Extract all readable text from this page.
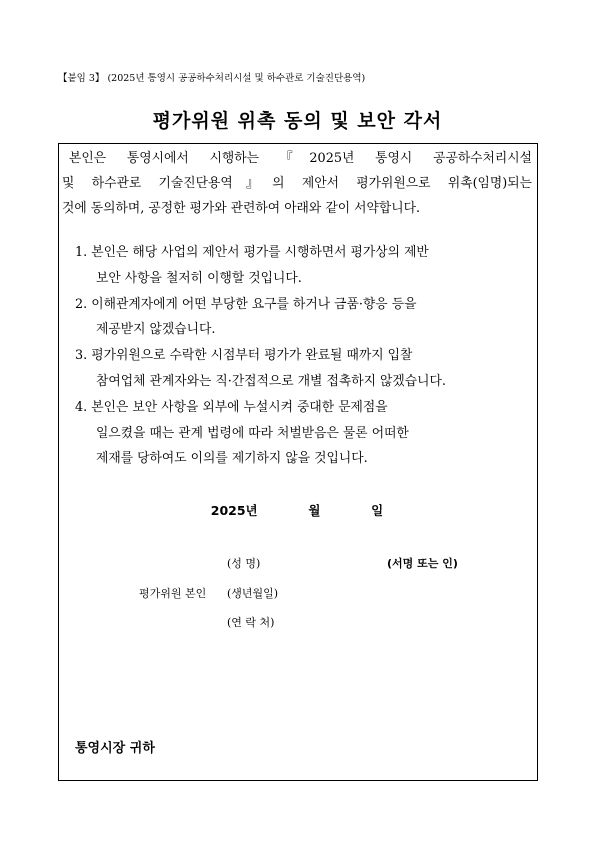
【붙임 3】 (2025년 통영시 공공하수처리시설 및 하수관로 기술진단용역)
평가위원 위촉 동의 및 보안 각서
본인은 통영시에서 시행하는 『2025년 통영시 공공하수처리시설
및 하수관로 기술진단용역』의 제안서 평가위원으로 위촉(임명)되는
것에 동의하며, 공정한 평가와 관련하여 아래와 같이 서약합니다.
1. 본인은 해당 사업의 제안서 평가를 시행하면서 평가상의 제반
보안 사항을 철저히 이행할 것입니다.
2. 이해관계자에게 어떤 부당한 요구를 하거나 금품·향응 등을
제공받지 않겠습니다.
3. 평가위원으로 수락한 시점부터 평가가 완료될 때까지 입찰
참여업체 관계자와는 직·간접적으로 개별 접촉하지 않겠습니다.
4. 본인은 보안 사항을 외부에 누설시켜 중대한 문제점을
일으켰을 때는 관계 법령에 따라 처벌받음은 물론 어떠한
제재를 당하여도 이의를 제기하지 않을 것입니다.
2025년	월	일
(성 명)	(서명 또는 인)
평가위원 본인 (생년월일)
(연 락 처)
통영시장 귀하
